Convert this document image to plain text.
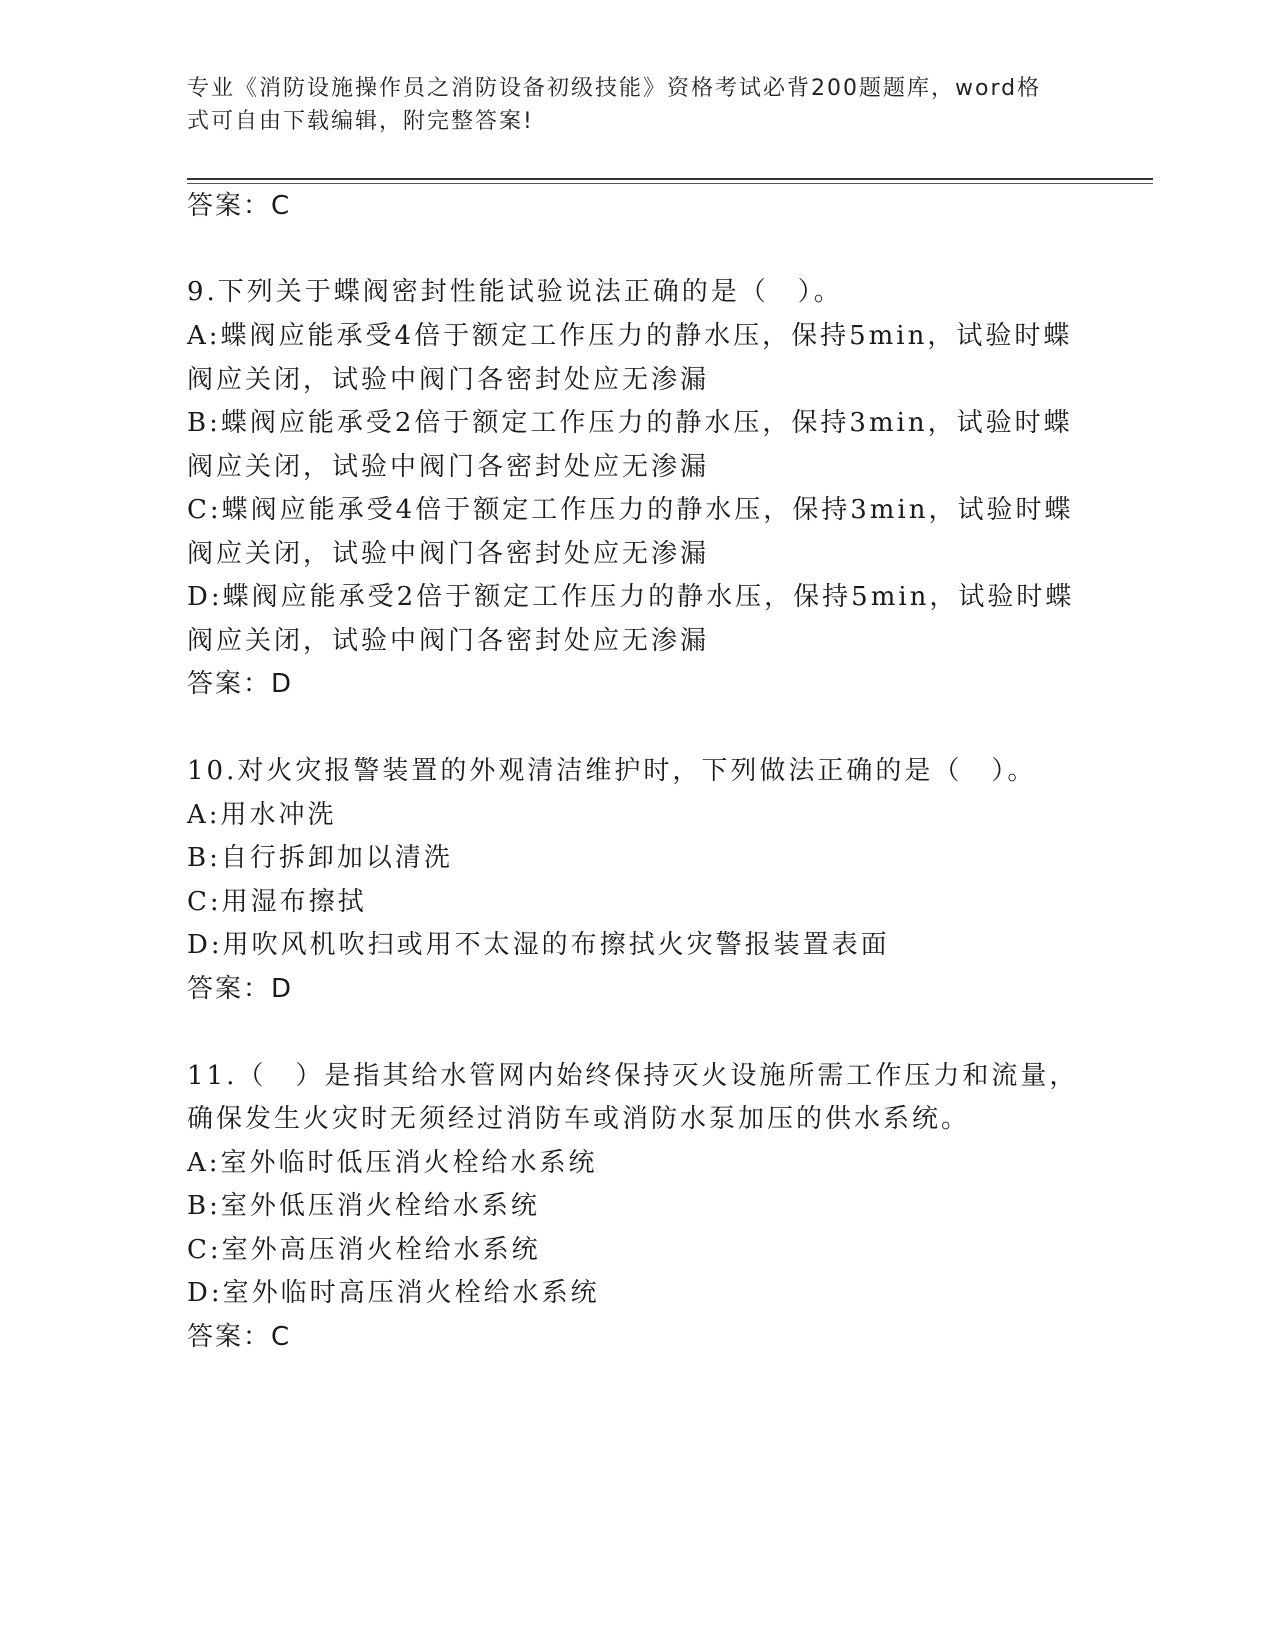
专业《消防设施操作员之消防设备初级技能》资格考试必背200题题库，word格
式可自由下载编辑，附完整答案!
答案：C
9.下列关于蝶阀密封性能试验说法正确的是（　）。
A:蝶阀应能承受4倍于额定工作压力的静水压，保持5min，试验时蝶
阀应关闭，试验中阀门各密封处应无渗漏
B:蝶阀应能承受2倍于额定工作压力的静水压，保持3min，试验时蝶
阀应关闭，试验中阀门各密封处应无渗漏
C:蝶阀应能承受4倍于额定工作压力的静水压，保持3min，试验时蝶
阀应关闭，试验中阀门各密封处应无渗漏
D:蝶阀应能承受2倍于额定工作压力的静水压，保持5min，试验时蝶
阀应关闭，试验中阀门各密封处应无渗漏
答案：D
10.对火灾报警装置的外观清洁维护时，下列做法正确的是（　）。
A:用水冲洗
B:自行拆卸加以清洗
C:用湿布擦拭
D:用吹风机吹扫或用不太湿的布擦拭火灾警报装置表面
答案：D
11.（　）是指其给水管网内始终保持灭火设施所需工作压力和流量，
确保发生火灾时无须经过消防车或消防水泵加压的供水系统。
A:室外临时低压消火栓给水系统
B:室外低压消火栓给水系统
C:室外高压消火栓给水系统
D:室外临时高压消火栓给水系统
答案：C
